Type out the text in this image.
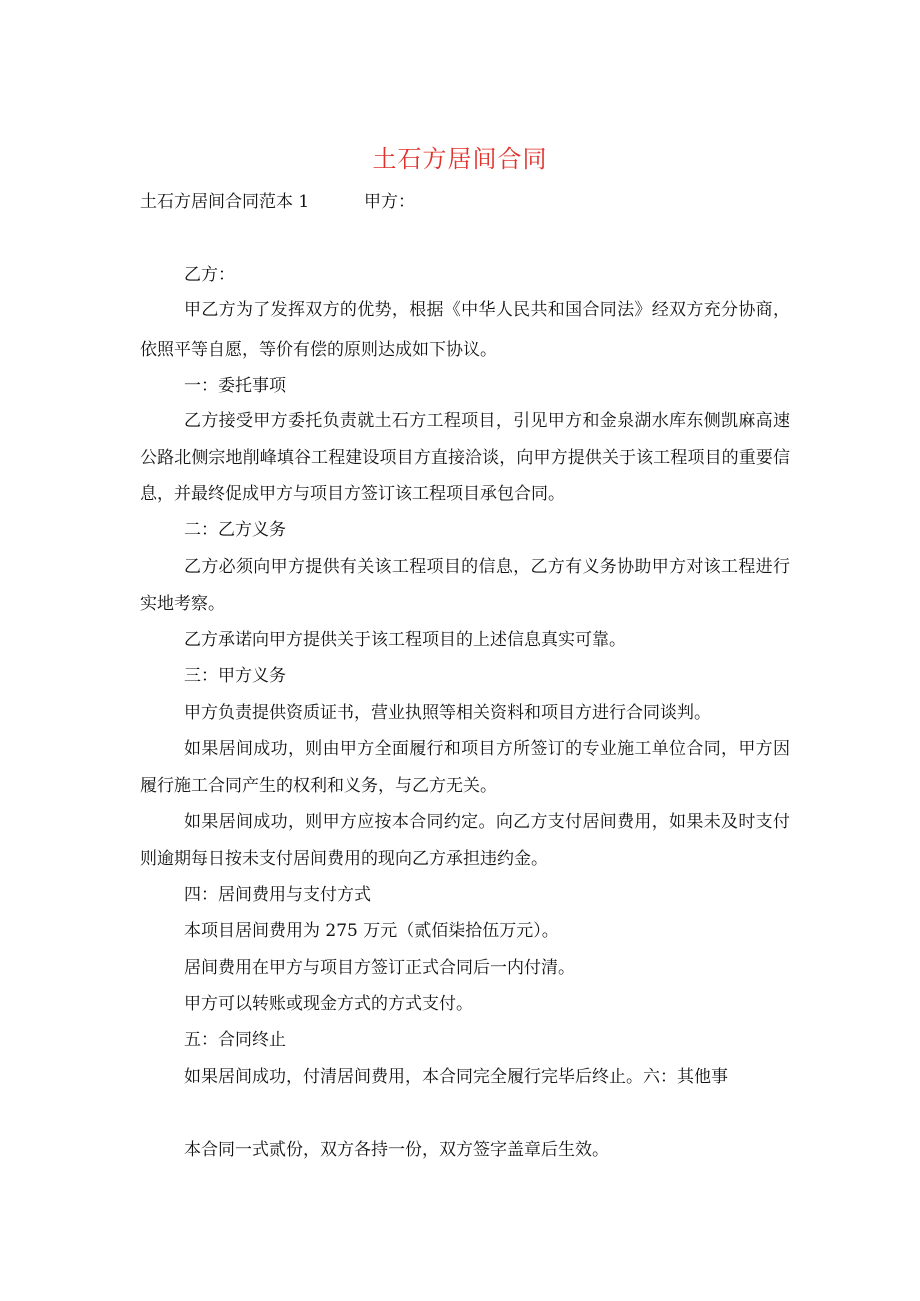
土石方居间合同
土石方居间合同范本 1	甲方：
乙方：
甲乙方为了发挥双方的优势，根据《中华人民共和国合同法》经双方充分协商，
依照平等自愿，等价有偿的原则达成如下协议。
一：委托事项
乙方接受甲方委托负责就土石方工程项目，引见甲方和金泉湖水库东侧凯麻高速
公路北侧宗地削峰填谷工程建设项目方直接洽谈，向甲方提供关于该工程项目的重要信
息，并最终促成甲方与项目方签订该工程项目承包合同。
二：乙方义务
乙方必须向甲方提供有关该工程项目的信息，乙方有义务协助甲方对该工程进行
实地考察。
乙方承诺向甲方提供关于该工程项目的上述信息真实可靠。
三：甲方义务
甲方负责提供资质证书，营业执照等相关资料和项目方进行合同谈判。
如果居间成功，则由甲方全面履行和项目方所签订的专业施工单位合同，甲方因
履行施工合同产生的权利和义务，与乙方无关。
如果居间成功，则甲方应按本合同约定。向乙方支付居间费用，如果未及时支付
则逾期每日按未支付居间费用的现向乙方承担违约金。
四：居间费用与支付方式
本项目居间费用为 275 万元（贰佰柒拾伍万元）。
居间费用在甲方与项目方签订正式合同后一内付清。
甲方可以转账或现金方式的方式支付。
五：合同终止
如果居间成功，付清居间费用，本合同完全履行完毕后终止。六：其他事
本合同一式贰份，双方各持一份，双方签字盖章后生效。
